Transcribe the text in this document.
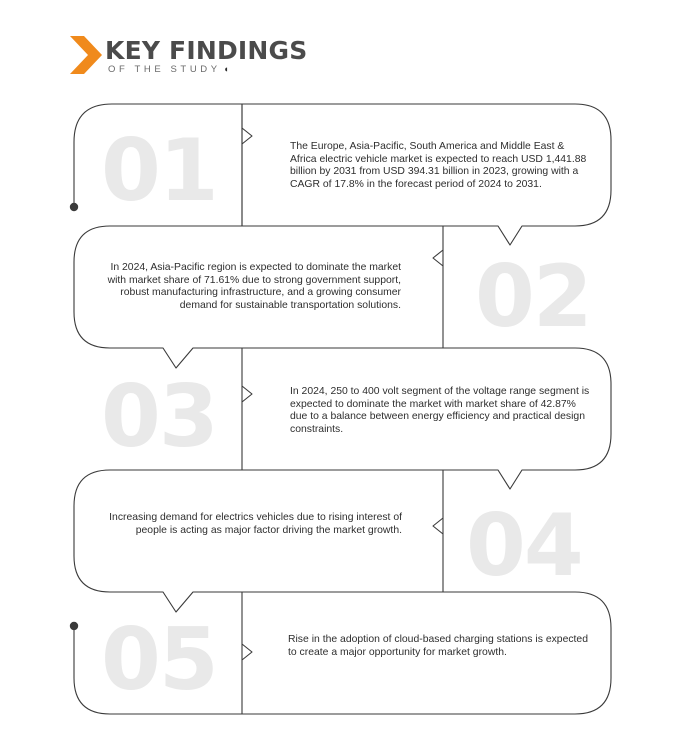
KEY FINDINGS
OF THE STUDY ◖
01	The Europe, Asia-Pacific, South America and Middle East & Africa electric vehicle market is expected to reach USD 1,441.88 billion by 2031 from USD 394.31 billion in 2023, growing with a CAGR of 17.8% in the forecast period of 2024 to 2031.
02
In 2024, Asia-Pacific region is expected to dominate the market with market share of 71.61% due to strong government support, robust manufacturing infrastructure, and a growing consumer demand for sustainable transportation solutions.
03	In 2024, 250 to 400 volt segment of the voltage range segment is expected to dominate the market with market share of 42.87% due to a balance between energy efficiency and practical design constraints.
04
Increasing demand for electrics vehicles due to rising interest of people is acting as major factor driving the market growth.
05	Rise in the adoption of cloud-based charging stations is expected to create a major opportunity for market growth.
